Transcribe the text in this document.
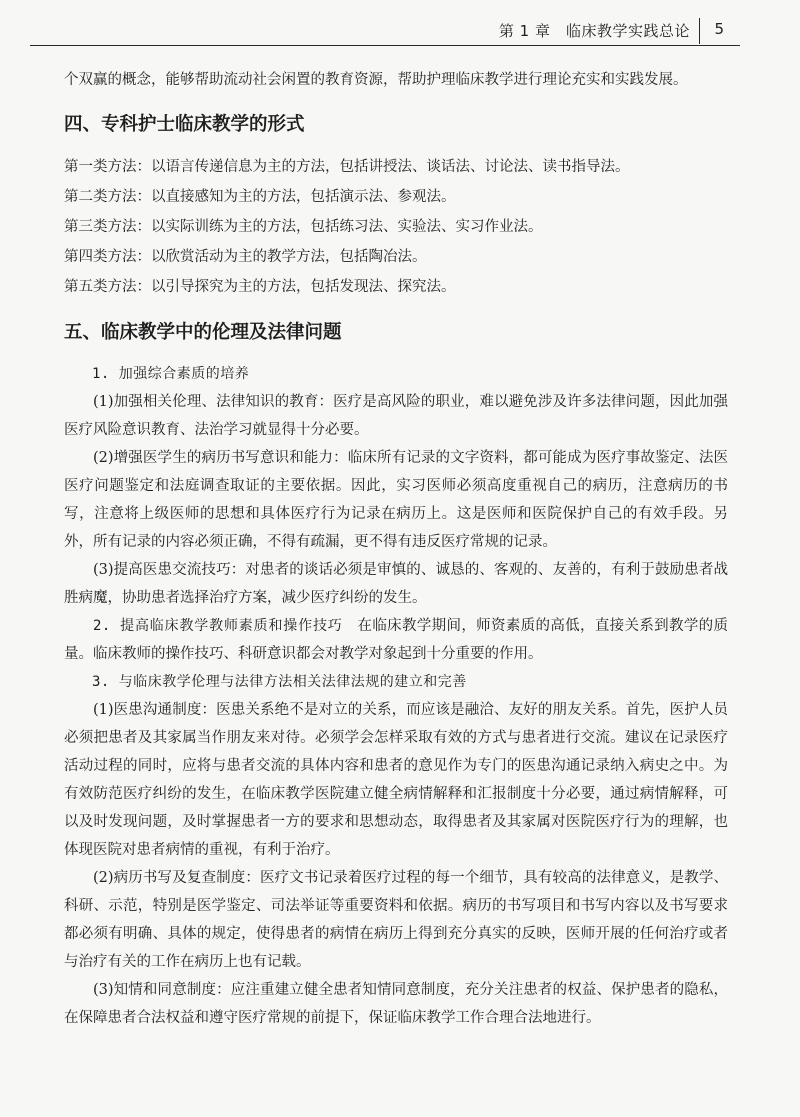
第 1 章　临床教学实践总论 5

个双赢的概念，能够帮助流动社会闲置的教育资源，帮助护理临床教学进行理论充实和实践发展。

四、专科护士临床教学的形式

第一类方法：以语言传递信息为主的方法，包括讲授法、谈话法、讨论法、读书指导法。

第二类方法：以直接感知为主的方法，包括演示法、参观法。

第三类方法：以实际训练为主的方法，包括练习法、实验法、实习作业法。

第四类方法：以欣赏活动为主的教学方法，包括陶冶法。

第五类方法：以引导探究为主的方法，包括发现法、探究法。

五、临床教学中的伦理及法律问题
1. 加强综合素质的培养

(1)加强相关伦理、法律知识的教育：医疗是高风险的职业，难以避免涉及许多法律问题，因此加强医疗风险意识教育、法治学习就显得十分必要。

(2)增强医学生的病历书写意识和能力：临床所有记录的文字资料，都可能成为医疗事故鉴定、法医医疗问题鉴定和法庭调查取证的主要依据。因此，实习医师必须高度重视自己的病历，注意病历的书写，注意将上级医师的思想和具体医疗行为记录在病历上。这是医师和医院保护自己的有效手段。另外，所有记录的内容必须正确，不得有疏漏，更不得有违反医疗常规的记录。

(3)提高医患交流技巧：对患者的谈话必须是审慎的、诚恳的、客观的、友善的，有利于鼓励患者战胜病魔，协助患者选择治疗方案，减少医疗纠纷的发生。

2. 提高临床教学教师素质和操作技巧　 在临床教学期间，师资素质的高低，直接关系到教学的质量。临床教师的操作技巧、科研意识都会对教学对象起到十分重要的作用。

3. 与临床教学伦理与法律方法相关法律法规的建立和完善

(1)医患沟通制度：医患关系绝不是对立的关系，而应该是融洽、友好的朋友关系。首先，医护人员必须把患者及其家属当作朋友来对待。必须学会怎样采取有效的方式与患者进行交流。建议在记录医疗活动过程的同时，应将与患者交流的具体内容和患者的意见作为专门的医患沟通记录纳入病史之中。为有效防范医疗纠纷的发生，在临床教学医院建立健全病情解释和汇报制度十分必要，通过病情解释，可以及时发现问题，及时掌握患者一方的要求和思想动态，取得患者及其家属对医院医疗行为的理解，也体现医院对患者病情的重视，有利于治疗。

(2)病历书写及复查制度：医疗文书记录着医疗过程的每一个细节，具有较高的法律意义，是教学、科研、示范，特别是医学鉴定、司法举证等重要资料和依据。病历的书写项目和书写内容以及书写要求都必须有明确、具体的规定，使得患者的病情在病历上得到充分真实的反映，医师开展的任何治疗或者与治疗有关的工作在病历上也有记载。

(3)知情和同意制度：应注重建立健全患者知情同意制度，充分关注患者的权益、保护患者的隐私，在保障患者合法权益和遵守医疗常规的前提下，保证临床教学工作合理合法地进行。
